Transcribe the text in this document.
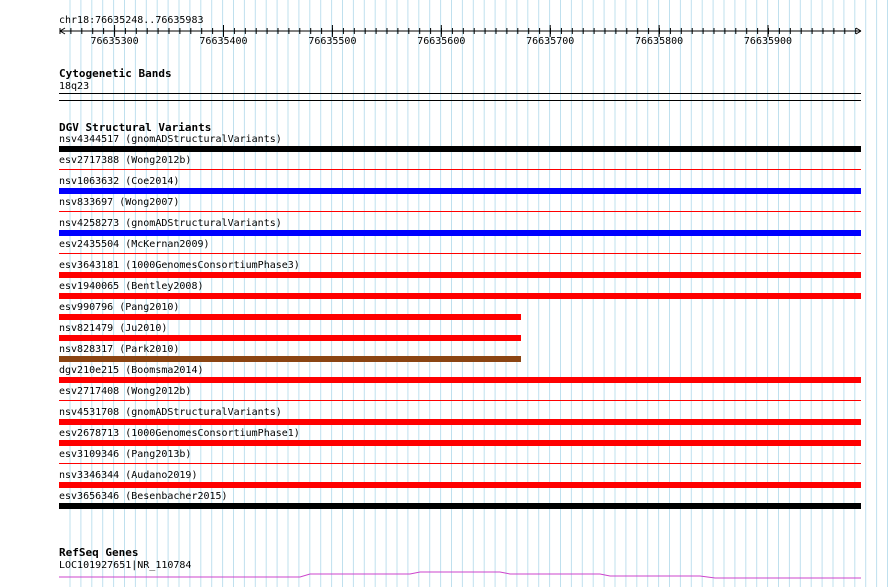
chr18:76635248..76635983
76635300	76635400	76635500	76635600	76635700	76635800	76635900
Cytogenetic Bands
18q23
DGV Structural Variants
nsv4344517 (gnomADStructuralVariants)
esv2717388 (Wong2012b)
nsv1063632 (Coe2014)
nsv833697 (Wong2007)
nsv4258273 (gnomADStructuralVariants)
esv2435504 (McKernan2009)
esv3643181 (1000GenomesConsortiumPhase3)
esv1940065 (Bentley2008)
esv990796 (Pang2010)
nsv821479 (Ju2010)
nsv828317 (Park2010)
dgv210e215 (Boomsma2014)
esv2717408 (Wong2012b)
nsv4531708 (gnomADStructuralVariants)
esv2678713 (1000GenomesConsortiumPhase1)
esv3109346 (Pang2013b)
nsv3346344 (Audano2019)
esv3656346 (Besenbacher2015)
RefSeq Genes
LOC101927651|NR_110784
